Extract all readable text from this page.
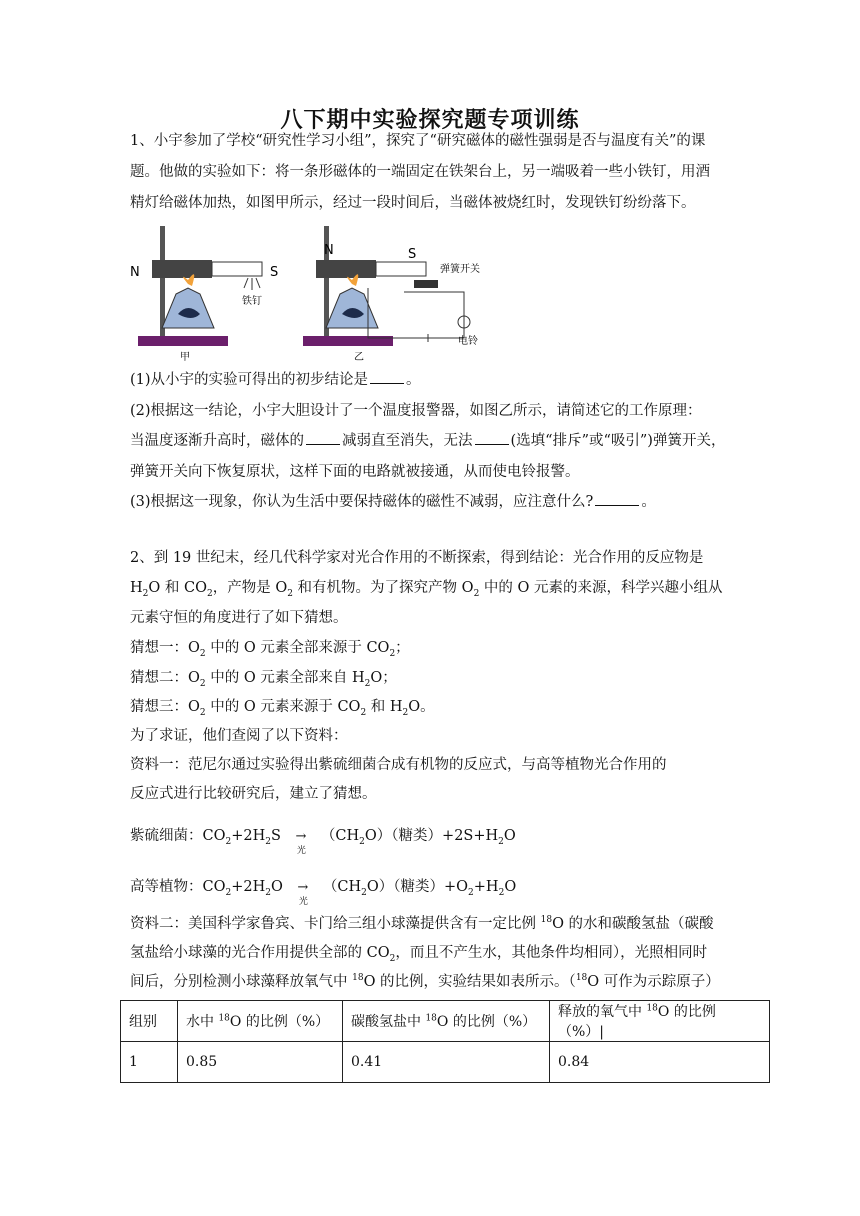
八下期中实验探究题专项训练
1、小宇参加了学校“研究性学习小组”，探究了“研究磁体的磁性强弱是否与温度有关”的课
题。他做的实验如下：将一条形磁体的一端固定在铁架台上，另一端吸着一些小铁钉，用酒
精灯给磁体加热，如图甲所示，经过一段时间后，当磁体被烧红时，发现铁钉纷纷落下。
N	S
铁钉
甲
N	S
弹簧开关
电铃
乙
(1)从小宇的实验可得出的初步结论是	。
(2)根据这一结论，小宇大胆设计了一个温度报警器，如图乙所示，请简述它的工作原理：
当温度逐渐升高时，磁体的	减弱直至消失，无法	(选填“排斥”或“吸引”)弹簧开关，
弹簧开关向下恢复原状，这样下面的电路就被接通，从而使电铃报警。
(3)根据这一现象，你认为生活中要保持磁体的磁性不减弱，应注意什么?	。
2、到 19 世纪末，经几代科学家对光合作用的不断探索，得到结论：光合作用的反应物是
$H_2O$ 和 $CO_2$，产物是 $O_2$ 和有机物。为了探究产物 $O_2$ 中的 O 元素的来源，科学兴趣小组从
元素守恒的角度进行了如下猜想。
猜想一：$O_2$ 中的 O 元素全部来源于 $CO_2$；
猜想二：$O_2$ 中的 O 元素全部来自 $H_2O$；
猜想三：$O_2$ 中的 O 元素来源于 $CO_2$ 和 $H_2O$。
为了求证，他们查阅了以下资料：
资料一：范尼尔通过实验得出紫硫细菌合成有机物的反应式，与高等植物光合作用的
反应式进行比较研究后，建立了猜想。
紫硫细菌：$CO_2+2H_2S$ →
光
$(CH_2O)$（糖类）$+2S+H_2O$
高等植物：$CO_2+2H_2O$ →
光
$(CH_2O)$（糖类）$+O_2+H_2O$
资料二：美国科学家鲁宾、卡门给三组小球藻提供含有一定比例 $^{18}$O 的水和碳酸氢盐（碳酸
氢盐给小球藻的光合作用提供全部的 $CO_2$，而且不产生水，其他条件均相同），光照相同时
间后，分别检测小球藻释放氧气中 $^{18}$O 的比例，实验结果如表所示。（$^{18}$O 可作为示踪原子）
组别	水中 $^{18}$O 的比例（%）	碳酸氢盐中 $^{18}$O 的比例（%）	释放的氧气中 $^{18}$O 的比例（%）|
1	0.85	0.41	0.84
